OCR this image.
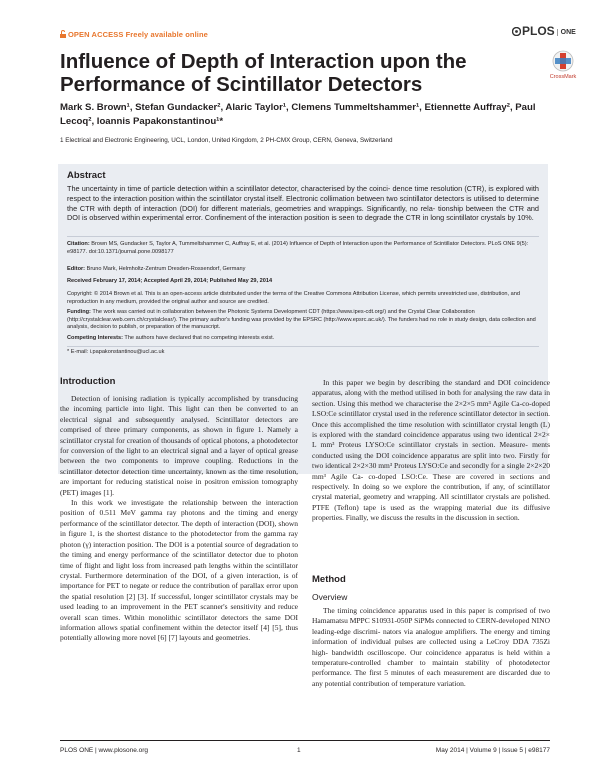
OPEN ACCESS Freely available online	PLOS ONE
CrossMark
Influence of Depth of Interaction upon the Performance of Scintillator Detectors
Mark S. Brown¹, Stefan Gundacker², Alaric Taylor¹, Clemens Tummeltshammer¹, Etiennette Auffray², Paul Lecoq², Ioannis Papakonstantinou¹*
1 Electrical and Electronic Engineering, UCL, London, United Kingdom, 2 PH-CMX Group, CERN, Geneva, Switzerland
Abstract
The uncertainty in time of particle detection within a scintillator detector, characterised by the coinci- dence time resolution (CTR), is explored with respect to the interaction position within the scintillator crystal itself. Electronic collimation between two scintillator detectors is utilised to determine the CTR with depth of interaction (DOI) for different materials, geometries and wrappings. Significantly, no rela- tionship between the CTR and DOI is observed within experimental error. Confinement of the interaction position is seen to degrade the CTR in long scintillator crystals by 10%.
Citation: Brown MS, Gundacker S, Taylor A, Tummeltshammer C, Auffray E, et al. (2014) Influence of Depth of Interaction upon the Performance of Scintillator Detectors. PLoS ONE 9(5): e98177. doi:10.1371/journal.pone.0098177
Editor: Bruno Mark, Helmholtz-Zentrum Dresden-Rossendorf, Germany
Received February 17, 2014; Accepted April 29, 2014; Published May 29, 2014
Copyright: © 2014 Brown et al. This is an open-access article distributed under the terms of the Creative Commons Attribution License, which permits unrestricted use, distribution, and reproduction in any medium, provided the original author and source are credited.
Funding: The work was carried out in collaboration between the Photonic Systems Development CDT (https://www.ipes-cdt.org/) and the Crystal Clear Collaboration (http://crystalclear.web.cern.ch/crystalclear/). The primary author's funding was provided by the EPSRC (http://www.epsrc.ac.uk/). The funders had no role in study design, data collection and analysis, decision to publish, or preparation of the manuscript.
Competing Interests: The authors have declared that no competing interests exist.
* E-mail: i.papakonstantinou@ucl.ac.uk
Introduction

Detection of ionising radiation is typically accomplished by transducing the incoming particle into light. This light can then be converted to an electrical signal and subsequently analysed. Scintillator detectors are comprised of three primary components, as shown in figure 1. Namely a scintillator crystal for creation of thousands of optical photons, a photodetector for conversion of the light to an electrical signal and a layer of optical grease between the two components to improve coupling. Reductions in the scintillator detector detection time uncertainty, known as the time resolution, are important for reducing statistical noise in positron emission tomography (PET) images [1].

In this work we investigate the relationship between the interaction position of 0.511 MeV gamma ray photons and the timing and energy performance of the scintillator detector. The depth of interaction (DOI), shown in figure 1, is the shortest distance to the photodetector from the gamma ray photon (γ) interaction position. The DOI is a potential source of degradation to the timing and energy performance of the scintillator detector due to photon time of flight and light loss from increased path lengths within the scintillator crystal. Furthermore determination of the DOI, of a given interaction, is of importance for PET to negate or reduce the contribution of parallax error upon the spatial resolution [2] [3]. If successful, longer scintillator crystals may be used leading to an improvement in the PET scanner's sensitivity and reduce overall scan times. Within monolithic scintillator detectors the same DOI information allows spatial confinement within the detector itself [4] [5], thus potentially allowing more novel [6] [7] layouts and geometries.

In this paper we begin by describing the standard and DOI coincidence apparatus, along with the method utilised in both for analysing the raw data in section. Using this method we characterise the 2×2×5 mm³ Agile Ca-co-doped LSO:Ce scintillator crystal used in the reference scintillator detector in section. Once this accomplished the time resolution with scintillator crystal length (L) is explored with the standard coincidence apparatus using two identical 2×2× L mm³ Proteus LYSO:Ce scintillator crystals in section. Measure- ments conducted using the DOI coincidence apparatus are split into two. Firstly for two identical 2×2×30 mm³ Proteus LYSO:Ce and secondly for a single 2×2×20 mm³ Agile Ca- co-doped LSO:Ce. These are covered in sections and respectively. In doing so we explore the contribution, if any, of scintillator crystal material, geometry and wrapping. All scintillator crystals are polished. PTFE (Teflon) tape is used as the wrapping material due its diffusive properties. Finally, we discuss the results in the discussion in section.

Method
Overview

The timing coincidence apparatus used in this paper is comprised of two Hamamatsu MPPC S10931-050P SiPMs connected to CERN-developed NINO leading-edge discrimi- nators via analogue amplifiers. The energy and timing information of individual pulses are collected using a LeCroy DDA 735Zi high- bandwidth oscilloscope. Our coincidence apparatus is held within a temperature-controlled chamber to maintain stability of photodetector performance. The first 5 minutes of each measurement are discarded due to any potential contribution of temperature variation.

PLOS ONE | www.plosone.org	1	May 2014 | Volume 9 | Issue 5 | e98177
